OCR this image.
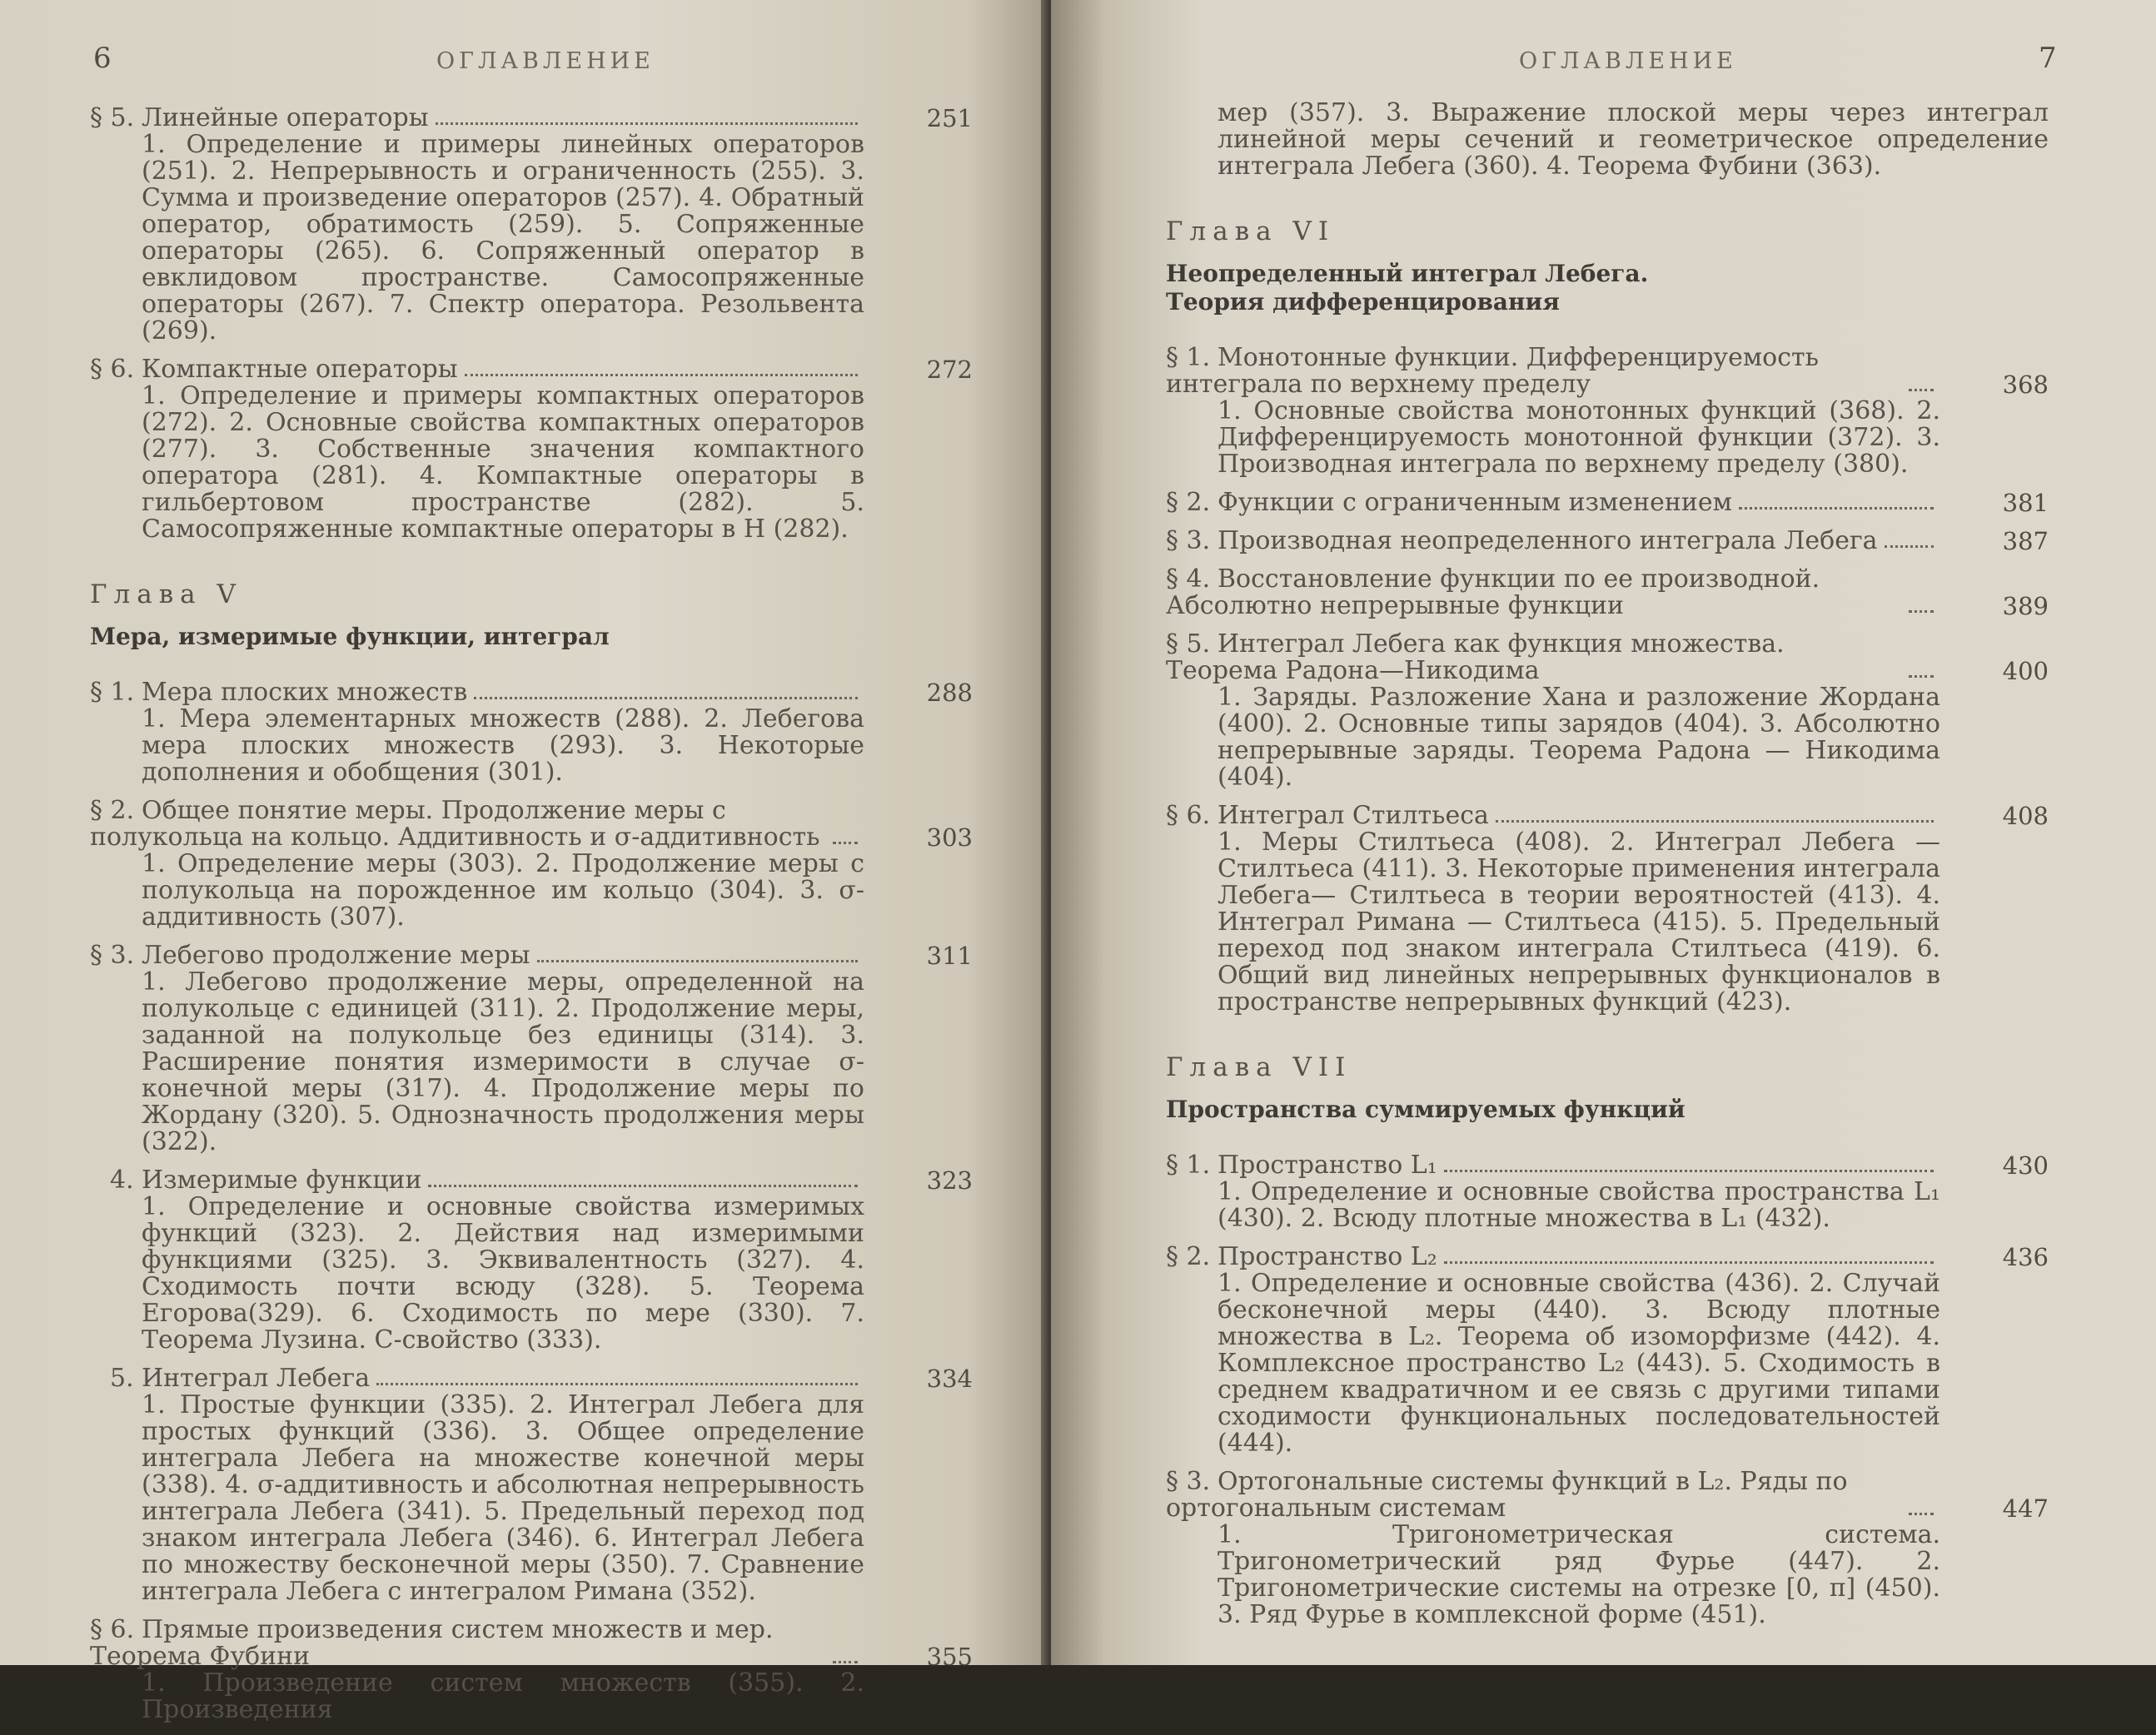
6	ОГЛАВЛЕНИЕ
§ 5. Линейные операторы	251
1. Определение и примеры линейных операторов (251). 2. Непрерывность и ограниченность (255). 3. Сумма и произведение операторов (257). 4. Обратный оператор, обратимость (259). 5. Сопряженные операторы (265). 6. Сопряженный оператор в евклидовом пространстве. Самосопряженные операторы (267). 7. Спектр оператора. Резольвента (269).
§ 6. Компактные операторы	272
1. Определение и примеры компактных операторов (272). 2. Основные свойства компактных операторов (277). 3. Собственные значения компактного оператора (281). 4. Компактные операторы в гильбертовом пространстве (282). 5. Самосопряженные компактные операторы в H (282).
Глава V
Мера, измеримые функции, интеграл
§ 1. Мера плоских множеств	288
1. Мера элементарных множеств (288). 2. Лебегова мера плоских множеств (293). 3. Некоторые дополнения и обобщения (301).
§ 2. Общее понятие меры. Продолжение меры с полукольца на кольцо. Аддитивность и σ-аддитивность	303
1. Определение меры (303). 2. Продолжение меры с полукольца на порожденное им кольцо (304). 3. σ-аддитивность (307).
§ 3. Лебегово продолжение меры	311
1. Лебегово продолжение меры, определенной на полукольце с единицей (311). 2. Продолжение меры, заданной на полукольце без единицы (314). 3. Расширение понятия измеримости в случае σ-конечной меры (317). 4. Продолжение меры по Жордану (320). 5. Однозначность продолжения меры (322).
4. Измеримые функции	323
1. Определение и основные свойства измеримых функций (323). 2. Действия над измеримыми функциями (325). 3. Эквивалентность (327). 4. Сходимость почти всюду (328). 5. Теорема Егорова(329). 6. Сходимость по мере (330). 7. Теорема Лузина. C-свойство (333).
5. Интеграл Лебега	334
1. Простые функции (335). 2. Интеграл Лебега для простых функций (336). 3. Общее определение интеграла Лебега на множестве конечной меры (338). 4. σ-аддитивность и абсолютная непрерывность интеграла Лебега (341). 5. Предельный переход под знаком интеграла Лебега (346). 6. Интеграл Лебега по множеству бесконечной меры (350). 7. Сравнение интеграла Лебега с интегралом Римана (352).
§ 6. Прямые произведения систем множеств и мер. Теорема Фубини	355
1. Произведение систем множеств (355). 2. Произведения
ОГЛАВЛЕНИЕ	7
мер (357). 3. Выражение плоской меры через интеграл линейной меры сечений и геометрическое определение интеграла Лебега (360). 4. Теорема Фубини (363).
Глава VI
Неопределенный интеграл Лебега.
Теория дифференцирования
§ 1. Монотонные функции. Дифференцируемость интеграла по верхнему пределу	368
1. Основные свойства монотонных функций (368). 2. Дифференцируемость монотонной функции (372). 3. Производная интеграла по верхнему пределу (380).
§ 2. Функции с ограниченным изменением	381
§ 3. Производная неопределенного интеграла Лебега	387
§ 4. Восстановление функции по ее производной. Абсолютно непрерывные функции	389
§ 5. Интеграл Лебега как функция множества. Теорема Радона—Никодима	400
1. Заряды. Разложение Хана и разложение Жордана (400). 2. Основные типы зарядов (404). 3. Абсолютно непрерывные заряды. Теорема Радона — Никодима (404).
§ 6. Интеграл Стилтьеса	408
1. Меры Стилтьеса (408). 2. Интеграл Лебега — Стилтьеса (411). 3. Некоторые применения интеграла Лебега— Стилтьеса в теории вероятностей (413). 4. Интеграл Римана — Стилтьеса (415). 5. Предельный переход под знаком интеграла Стилтьеса (419). 6. Общий вид линейных непрерывных функционалов в пространстве непрерывных функций (423).
Глава VII
Пространства суммируемых функций
§ 1. Пространство L₁	430
1. Определение и основные свойства пространства L₁ (430). 2. Всюду плотные множества в L₁ (432).
§ 2. Пространство L₂	436
1. Определение и основные свойства (436). 2. Случай бесконечной меры (440). 3. Всюду плотные множества в L₂. Теорема об изоморфизме (442). 4. Комплексное пространство L₂ (443). 5. Сходимость в среднем квадратичном и ее связь с другими типами сходимости функциональных последовательностей (444).
§ 3. Ортогональные системы функций в L₂. Ряды по ортогональным системам	447
1. Тригонометрическая система. Тригонометрический ряд Фурье (447). 2. Тригонометрические системы на отрезке [0, π] (450). 3. Ряд Фурье в комплексной форме (451).
